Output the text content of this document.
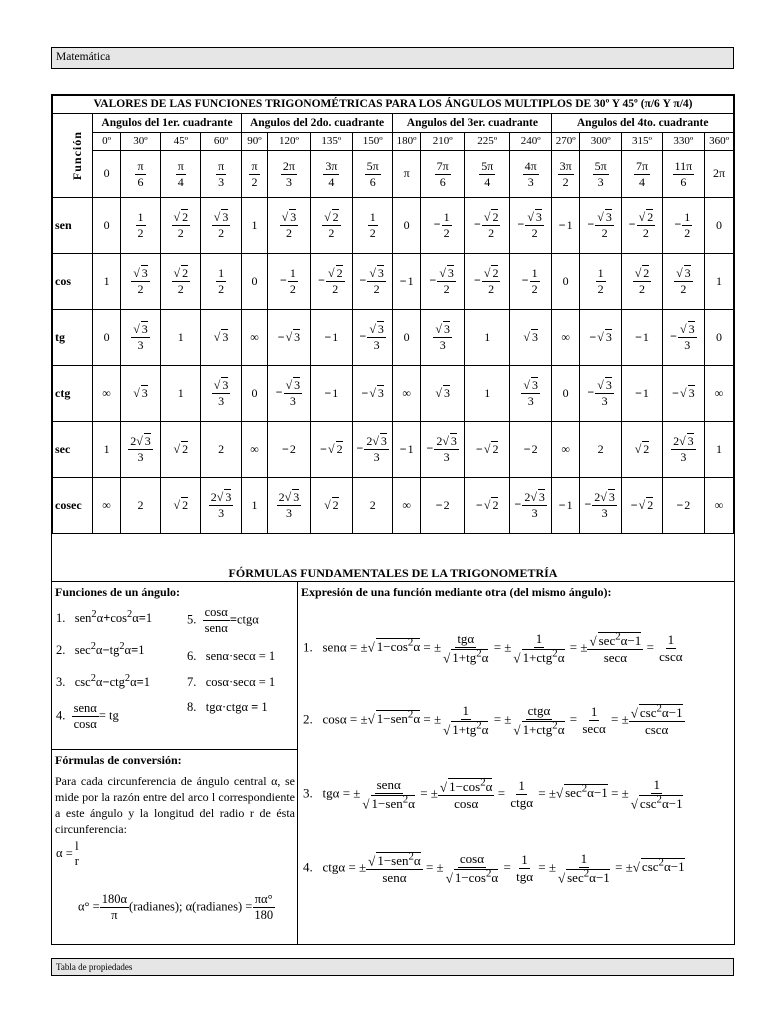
Matemática
VALORES DE LAS FUNCIONES TRIGONOMÉTRICAS PARA LOS ÁNGULOS MULTIPLOS DE 30º Y 45º (π/6 Y π/4)																	
Función	Angulos del 1er. cuadrante				Angulos del 2do. cuadrante				Angulos del 3er. cuadrante				Angulos del 4to. cuadrante				
	0º	30º	45º	60º	90º	120º	135º	150º	180º	210º	225º	240º	270º	300º	315º	330º	360º
	0	$\frac{\pi}{6}$	$\frac{\pi}{4}$	$\frac{\pi}{3}$	$\frac{\pi}{2}$	$\frac{2\pi}{3}$	$\frac{3\pi}{4}$	$\frac{5\pi}{6}$	π	$\frac{7\pi}{6}$	$\frac{5\pi}{4}$	$\frac{4\pi}{3}$	$\frac{3\pi}{2}$	$\frac{5\pi}{3}$	$\frac{7\pi}{4}$	$\frac{11\pi}{6}$	2π
sen	0	$\frac{1}{2}$	$\frac{√ 2}{2}$	$\frac{√ 3}{2}$	1	$\frac{√ 3}{2}$	$\frac{√ 2}{2}$	$\frac{1}{2}$	0	− $\frac{1}{2}$	− $\frac{√ 2}{2}$	− $\frac{√ 3}{2}$	−1	− $\frac{√ 3}{2}$	− $\frac{√ 2}{2}$	− $\frac{1}{2}$	0
cos	1	$\frac{√ 3}{2}$	$\frac{√ 2}{2}$	$\frac{1}{2}$	0	− $\frac{1}{2}$	− $\frac{√ 2}{2}$	− $\frac{√ 3}{2}$	−1	− $\frac{√ 3}{2}$	− $\frac{√ 2}{2}$	− $\frac{1}{2}$	0	$\frac{1}{2}$	$\frac{√ 2}{2}$	$\frac{√ 3}{2}$	1
tg	0	$\frac{√ 3}{3}$	1	√ 3	∞	−√ 3	−1	− $\frac{√ 3}{3}$	0	$\frac{√ 3}{3}$	1	√ 3	∞	−√ 3	−1	− $\frac{√ 3}{3}$	0
ctg	∞	√ 3	1	$\frac{√ 3}{3}$	0	− $\frac{√ 3}{3}$	−1	−√ 3	∞	√ 3	1	$\frac{√ 3}{3}$	0	− $\frac{√ 3}{3}$	−1	−√ 3	∞
sec	1	$\frac{2√ 3}{3}$	√ 2	2	∞	−2	−√ 2	− $\frac{2√ 3}{3}$	−1	− $\frac{2√ 3}{3}$	−√ 2	−2	∞	2	√ 2	$\frac{2√ 3}{3}$	1
cosec	∞	2	√ 2	$\frac{2√ 3}{3}$	1	$\frac{2√ 3}{3}$	√ 2	2	∞	−2	−√ 2	− $\frac{2√ 3}{3}$	−1	− $\frac{2√ 3}{3}$	−√ 2	−2	∞
FÓRMULAS FUNDAMENTALES DE LA TRIGONOMETRÍA
Funciones de un ángulo:
1.   $sen^2\alpha+\cos^2\alpha=1$
2.   $\sec^2\alpha-tg^2\alpha=1$
3.   $\csc^2\alpha-ctg^2\alpha=1$
4.
senα
cosα
= tg
5.
cosα
senα
=ctgα
6.   senα·secα = 1
7.   cosα·secα = 1
8.   tgα·ctgα = 1
Fórmulas de conversión:
Para cada circunferencia de ángulo central α, se mide por la razón entre del arco l correspondiente a este ángulo y la longitud del radio r de ésta circunferencia:
α =
l
r
$\alpha^\circ = \frac{180\alpha}{\pi}$ (radianes); α(radianes) = $\frac{\pi\alpha^\circ}{180}$
Expresión de una función mediante otra (del mismo ángulo):
1. senα = ±√ $1-\cos^2\alpha$ = ±
tgα
√ $1+tg^2\alpha$
= ±
1
√ 1+ctg$^2$α
= ± √ $\sec^2\alpha-1$
secα
= 1
cscα
2. cosα = ±√ 1−sen$^2$α = ± $\frac{1}{√ 1+tg^2\alpha}$ = ±
ctgα
√ 1+ctg$^2$α
= 1
secα
= ± √ $\csc^2\alpha-1$
cscα
3. tgα = ±
senα
√ 1−sen$^2$α
= ± $\frac{√ 1-\cos^2\alpha}{\cos\alpha} = 1$
ctgα
= ±√ $\sec^2\alpha-1$ = ±
1
√ $\csc^2\alpha-1$
4. ctgα = ± √ 1−sen$^2$α
senα
= ± $\frac{\cos\alpha}{√ 1-\cos^2\alpha} = 1$
tgα
= ±
1
√ $\sec^2\alpha-1$
= ±√ $\csc^2\alpha-1$
Tabla de propiedades
